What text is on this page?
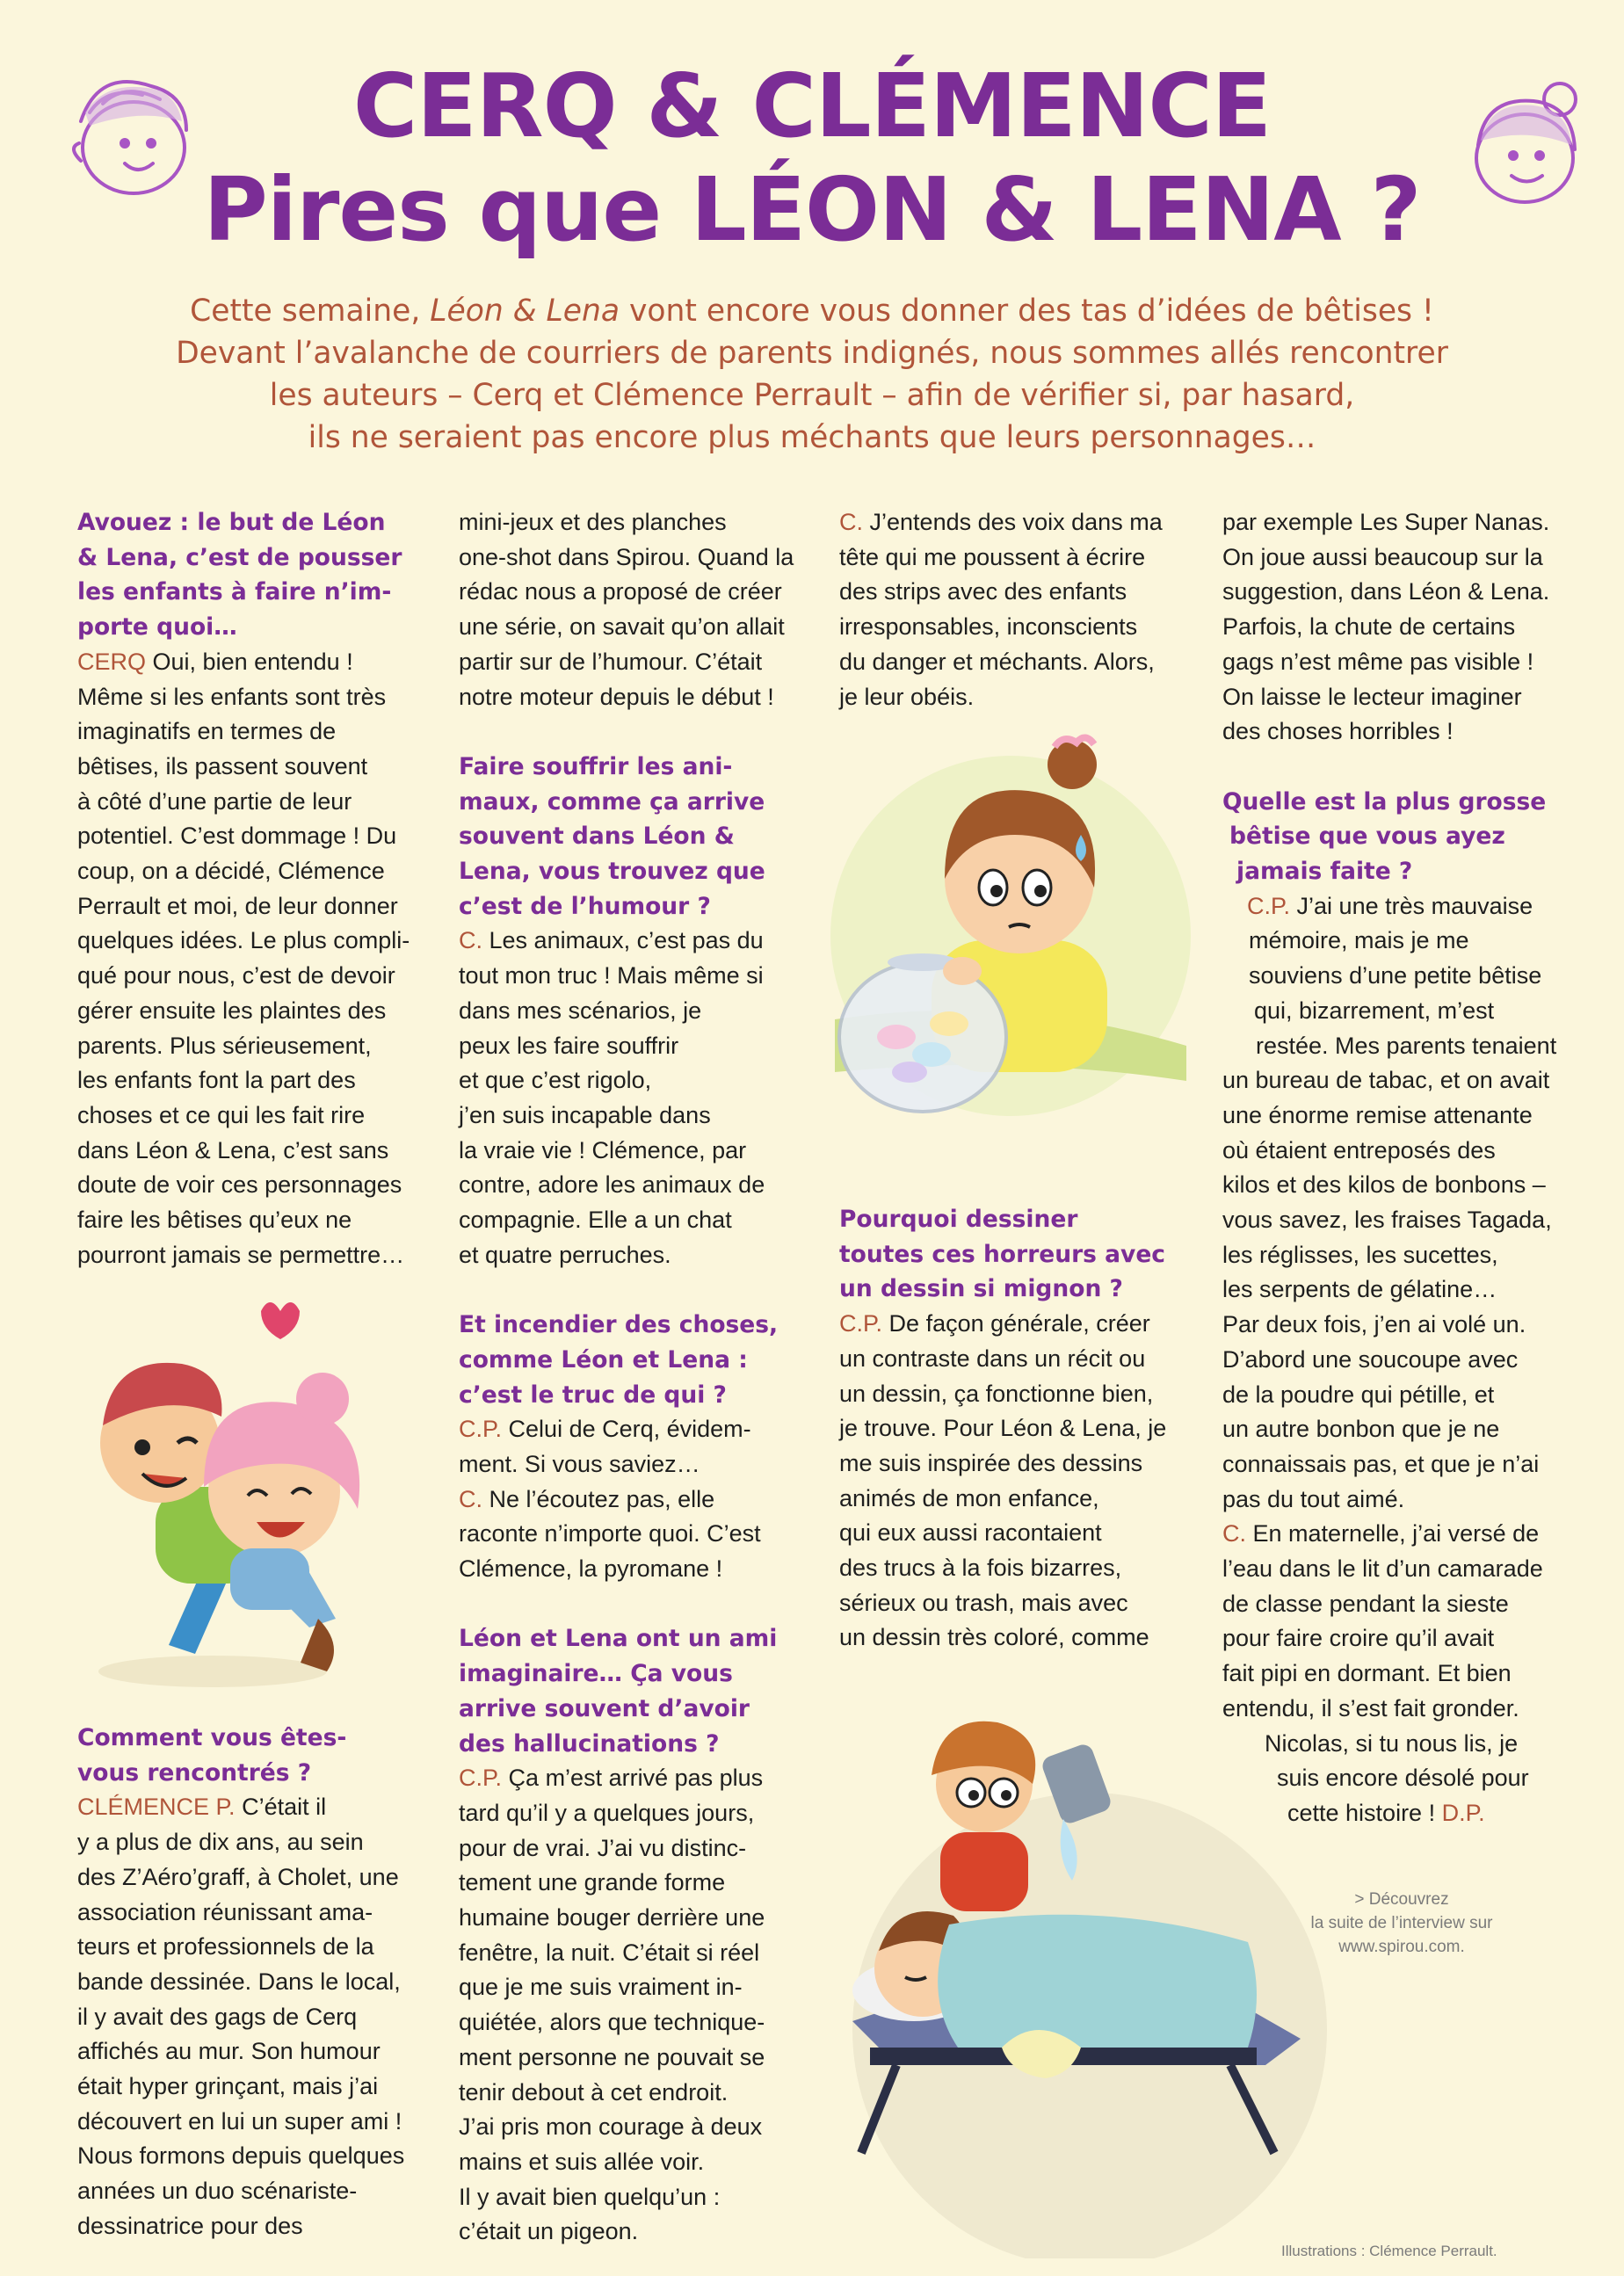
CERQ & CLÉMENCE
Pires que LÉON & LENA ?
Cette semaine, Léon & Lena vont encore vous donner des tas d’idées de bêtises !
Devant l’avalanche de courriers de parents indignés, nous sommes allés rencontrer
les auteurs – Cerq et Clémence Perrault – afin de vérifier si, par hasard,
ils ne seraient pas encore plus méchants que leurs personnages…
Avouez : le but de Léon
& Lena, c’est de pousser
les enfants à faire n’im-
porte quoi…

CERQ Oui, bien entendu !

Même si les enfants sont très
imaginatifs en termes de
bêtises, ils passent souvent
à côté d’une partie de leur
potentiel. C’est dommage ! Du
coup, on a décidé, Clémence
Perrault et moi, de leur donner
quelques idées. Le plus compli-
qué pour nous, c’est de devoir
gérer ensuite les plaintes des
parents. Plus sérieusement,
les enfants font la part des
choses et ce qui les fait rire
dans Léon & Lena, c’est sans
doute de voir ces personnages
faire les bêtises qu’eux ne
pourront jamais se permettre…
Comment vous êtes-
vous rencontrés ?

CLÉMENCE P. C’était il

y a plus de dix ans, au sein
des Z’Aéro’graff, à Cholet, une
association réunissant ama-
teurs et professionnels de la
bande dessinée. Dans le local,
il y avait des gags de Cerq
affichés au mur. Son humour
était hyper grinçant, mais j’ai
découvert en lui un super ami !
Nous formons depuis quelques
années un duo scénariste-
dessinatrice pour des
mini-jeux et des planches
one-shot dans Spirou. Quand la
rédac nous a proposé de créer
une série, on savait qu’on allait
partir sur de l’humour. C’était
notre moteur depuis le début !
Faire souffrir les ani-
maux, comme ça arrive
souvent dans Léon &
Lena, vous trouvez que
c’est de l’humour ?

C. Les animaux, c’est pas du

tout mon truc ! Mais même si
dans mes scénarios, je
peux les faire souffrir
et que c’est rigolo,
j’en suis incapable dans
la vraie vie ! Clémence, par
contre, adore les animaux de
compagnie. Elle a un chat
et quatre perruches.
Et incendier des choses,
comme Léon et Lena :
c’est le truc de qui ?

C.P. Celui de Cerq, évidem-

ment. Si vous saviez…

C. Ne l’écoutez pas, elle

raconte n’importe quoi. C’est
Clémence, la pyromane !
Léon et Lena ont un ami
imaginaire… Ça vous
arrive souvent d’avoir
des hallucinations ?

C.P. Ça m’est arrivé pas plus

tard qu’il y a quelques jours,
pour de vrai. J’ai vu distinc-
tement une grande forme
humaine bouger derrière une
fenêtre, la nuit. C’était si réel
que je me suis vraiment in-
quiétée, alors que technique-
ment personne ne pouvait se
tenir debout à cet endroit.
J’ai pris mon courage à deux
mains et suis allée voir.
Il y avait bien quelqu’un :
c’était un pigeon.

C. J’entends des voix dans ma

tête qui me poussent à écrire
des strips avec des enfants
irresponsables, inconscients
du danger et méchants. Alors,
je leur obéis.
Pourquoi dessiner
toutes ces horreurs avec
un dessin si mignon ?

C.P. De façon générale, créer

un contraste dans un récit ou
un dessin, ça fonctionne bien,
je trouve. Pour Léon & Lena, je
me suis inspirée des dessins
animés de mon enfance,
qui eux aussi racontaient
des trucs à la fois bizarres,
sérieux ou trash, mais avec
un dessin très coloré, comme
par exemple Les Super Nanas.
On joue aussi beaucoup sur la
suggestion, dans Léon & Lena.
Parfois, la chute de certains
gags n’est même pas visible !
On laisse le lecteur imaginer
des choses horribles !
Quelle est la plus grosse
bêtise que vous ayez
jamais faite ?

C.P. J’ai une très mauvaise

mémoire, mais je me
souviens d’une petite bêtise
qui, bizarrement, m’est
restée. Mes parents tenaient
un bureau de tabac, et on avait
une énorme remise attenante
où étaient entreposés des
kilos et des kilos de bonbons –
vous savez, les fraises Tagada,
les réglisses, les sucettes,
les serpents de gélatine…
Par deux fois, j’en ai volé un.
D’abord une soucoupe avec
de la poudre qui pétille, et
un autre bonbon que je ne
connaissais pas, et que je n’ai
pas du tout aimé.

C. En maternelle, j’ai versé de

l’eau dans le lit d’un camarade
de classe pendant la sieste
pour faire croire qu’il avait
fait pipi en dormant. Et bien
entendu, il s’est fait gronder.
Nicolas, si tu nous lis, je
suis encore désolé pour

cette histoire ! D.P.

> Découvrez
la suite de l’interview sur
www.spirou.com.
Illustrations : Clémence Perrault.
